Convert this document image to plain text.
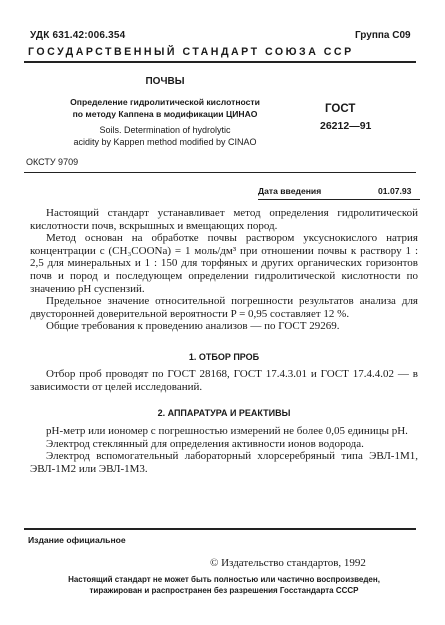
УДК 631.42:006.354	Группа С09
ГОСУДАРСТВЕННЫЙ СТАНДАРТ СОЮЗА ССР
ПОЧВЫ
Определение гидролитической кислотности
по методу Каппена в модификации ЦИНАО
Soils. Determination of hydrolytic
acidity by Kappen method modified by CINAO
ГОСТ
26212—91
ОКСТУ 9709
Дата введения	01.07.93

Настоящий стандарт устанавливает метод определения гидролитической кислотности почв, вскрышных и вмещающих пород.

Метод основан на обработке почвы раствором уксуснокислого натрия концентрации c (CH₃COONa) = 1 моль/дм³ при отношении почвы к раствору 1 : 2,5 для минеральных и 1 : 150 для торфяных и других органических горизонтов почв и пород и последующем определении гидролитической кислотности по значению pH суспензий.

Предельное значение относительной погрешности результатов анализа для двусторонней доверительной вероятности P = 0,95 составляет 12 %.

Общие требования к проведению анализов — по ГОСТ 29269.

1. ОТБОР ПРОБ

Отбор проб проводят по ГОСТ 28168, ГОСТ 17.4.3.01 и ГОСТ 17.4.4.02 — в зависимости от целей исследований.

2. АППАРАТУРА И РЕАКТИВЫ

pH-метр или иономер с погрешностью измерений не более 0,05 единицы pH.

Электрод стеклянный для определения активности ионов водорода.

Электрод вспомогательный лабораторный хлорсеребряный типа ЭВЛ-1М1, ЭВЛ-1М2 или ЭВЛ-1М3.

Издание официальное
© Издательство стандартов, 1992
Настоящий стандарт не может быть полностью или частично воспроизведен,
тиражирован и распространен без разрешения Госстандарта СССР
